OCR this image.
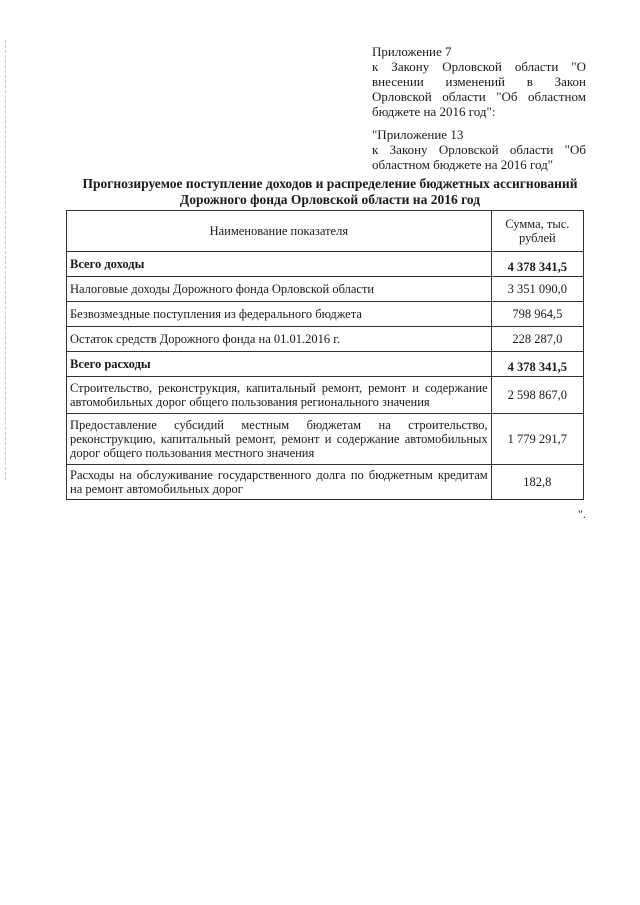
Приложение 7
к Закону Орловской области "О внесении изменений в Закон Орловской области "Об областном бюджете на 2016 год":
"Приложение 13
к Закону Орловской области "Об областном бюджете на 2016 год"
Прогнозируемое поступление доходов и распределение бюджетных ассигнований
Дорожного фонда Орловской области на 2016 год
Наименование показателя	Сумма, тыс. рублей
Всего доходы	4 378 341,5
Налоговые доходы Дорожного фонда Орловской области	3 351 090,0
Безвозмездные поступления из федерального бюджета	798 964,5
Остаток средств Дорожного фонда на 01.01.2016 г.	228 287,0
Всего расходы	4 378 341,5
Строительство, реконструкция, капитальный ремонт, ремонт и содержание автомобильных дорог общего пользования регионального значения	2 598 867,0
Предоставление субсидий местным бюджетам на строительство, реконструкцию, капитальный ремонт, ремонт и содержание автомобильных дорог общего пользования местного значения	1 779 291,7
Расходы на обслуживание государственного долга по бюджетным кредитам на ремонт автомобильных дорог	182,8
".
